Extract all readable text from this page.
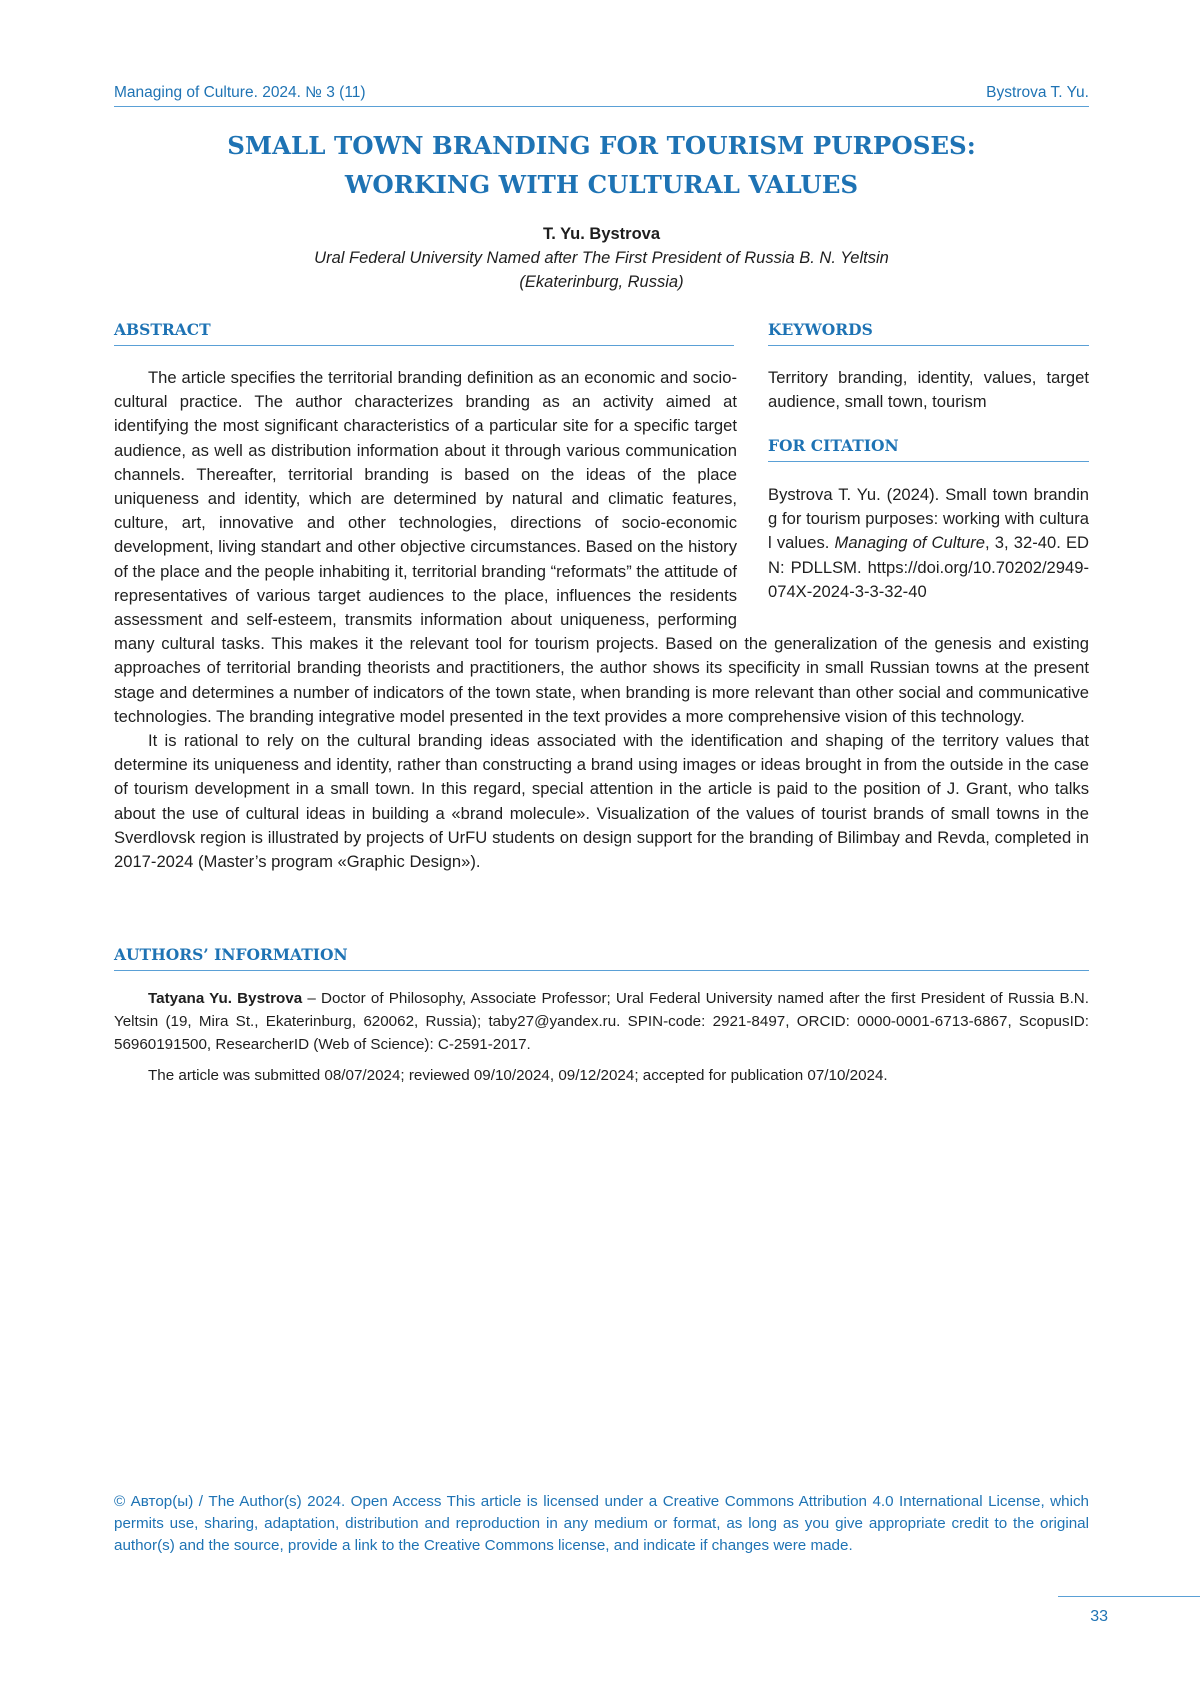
Managing of Culture. 2024. № 3 (11)	Bystrova T. Yu.
SMALL TOWN BRANDING FOR TOURISM PURPOSES:
WORKING WITH CULTURAL VALUES
T. Yu. Bystrova
Ural Federal University Named after The First President of Russia B. N. Yeltsin
(Ekaterinburg, Russia)
ABSTRACT	KEYWORDS
Territory branding, identity, values, target audience, small town, tourism
FOR CITATION
Bystrova T. Yu. (2024). Small town branding for tourism purposes: working with cultural values. Managing of Culture, 3, 32-40. EDN: PDLLSM. https://doi.org/10.70202/2949-074X-2024-3-3-32-40

The article specifies the territorial branding definition as an economic and socio-cultural practice. The author characterizes branding as an activity aimed at identifying the most significant characteristics of a particular site for a specific target audience, as well as distribution information about it through various communication channels. Thereafter, territorial branding is based on the ideas of the place uniqueness and identity, which are determined by natural and climatic features, culture, art, innovative and other technologies, directions of socio-economic development, living standart and other objective circumstances. Based on the history of the place and the people inhabiting it, territorial branding “reformats” the attitude of representatives of various target audiences to the place, influences the residents assessment and self-esteem, transmits information about uniqueness, performing many cultural tasks. This makes it the relevant tool for tourism projects. Based on the generalization of the genesis and existing approaches of territorial branding theorists and practitioners, the author shows its specificity in small Russian towns at the present stage and determines a number of indicators of the town state, when branding is more relevant than other social and communicative technologies. The branding integrative model presented in the text provides a more comprehensive vision of this technology.

It is rational to rely on the cultural branding ideas associated with the identification and shaping of the territory values that determine its uniqueness and identity, rather than constructing a brand using images or ideas brought in from the outside in the case of tourism development in a small town. In this regard, special attention in the article is paid to the position of J. Grant, who talks about the use of cultural ideas in building a «brand molecule». Visualization of the values of tourist brands of small towns in the Sverdlovsk region is illustrated by projects of UrFU students on design support for the branding of Bilimbay and Revda, completed in 2017-2024 (Master’s program «Graphic Design»).

AUTHORS’ INFORMATION

Tatyana Yu. Bystrova – Doctor of Philosophy, Associate Professor; Ural Federal University named after the first President of Russia B.N. Yeltsin (19, Mira St., Ekaterinburg, 620062, Russia); taby27@yandex.ru. SPIN-code: 2921-8497, ORCID: 0000-0001-6713-6867, ScopusID: 56960191500, ResearcherID (Web of Science): C-2591-2017.

The article was submitted 08/07/2024; reviewed 09/10/2024, 09/12/2024; accepted for publication 07/10/2024.

© Автор(ы) / The Author(s) 2024. Open Access This article is licensed under a Creative Commons Attribution 4.0 International License, which permits use, sharing, adaptation, distribution and reproduction in any medium or format, as long as you give appropriate credit to the original author(s) and the source, provide a link to the Creative Commons license, and indicate if changes were made.
33
